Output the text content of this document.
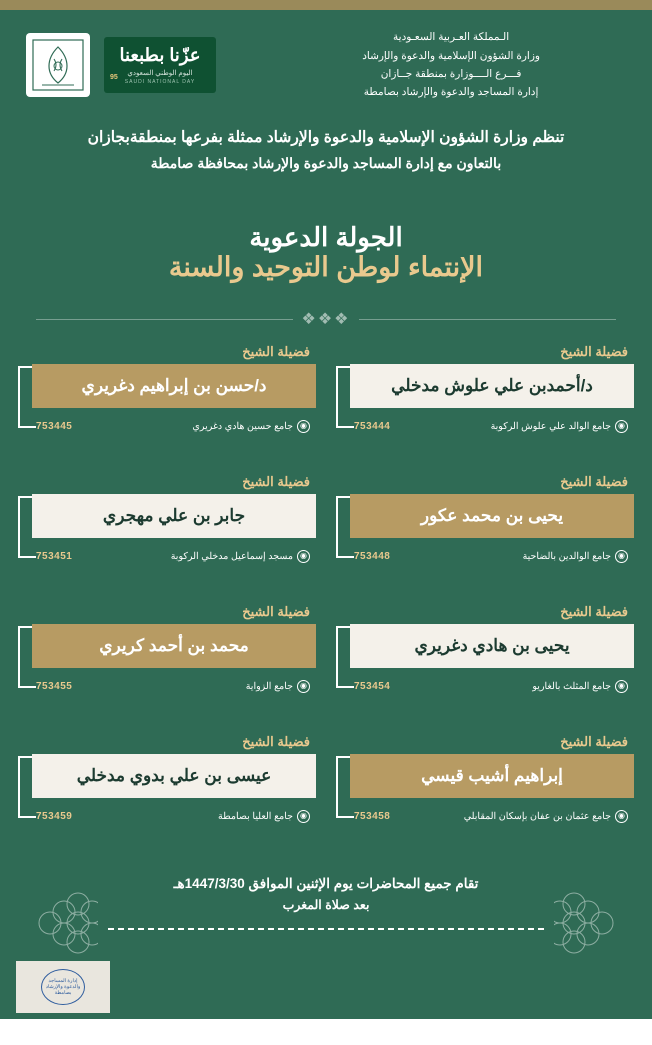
الـمملكة العـربية السعـودية
وزارة الشؤون الإسلامية والدعوة والإرشاد
فـــرع الــــوزارة بمنطقة جــازان
إدارة المساجد والدعوة والإرشاد بصامطة
عزّنا بطبعنا
اليوم الوطني السعودي
SAUDI NATIONAL DAY
95
تنظم وزارة الشؤون الإسلامية والدعوة والإرشاد ممثلة بفرعها بمنطقةبجازان
بالتعاون مع إدارة المساجد والدعوة والإرشاد بمحافظة صامطة
الجولة الدعوية
الإنتماء لوطن التوحيد والسنة
❖❖❖
فضيلة الشيخ
د/أحمدبن علي علوش مدخلي
◉
جامع الوالد علي علوش الركوبة
753444
فضيلة الشيخ
د/حسن بن إبراهيم دغريري
◉
جامع حسين هادي دغريري
753445
فضيلة الشيخ
يحيى بن محمد عكور
◉
جامع الوالدين بالضاحية
753448
فضيلة الشيخ
جابر بن علي مهجري
◉
مسجد إسماعيل مدخلي الركوبة
753451
فضيلة الشيخ
يحيى بن هادي دغريري
◉
جامع المثلث بالغاريو
753454
فضيلة الشيخ
محمد بن أحمد كريري
◉
جامع الزواية
753455
فضيلة الشيخ
إبراهيم أشيب قيسي
◉
جامع عثمان بن عفان بإسكان المقابلي
753458
فضيلة الشيخ
عيسى بن علي بدوي مدخلي
◉
جامع العليا بصامطة
753459
تقام جميع المحاضرات يوم الإثنين الموافق 1447/3/30هـ
بعد صلاة المغرب
إدارة المساجد والدعوة والإرشاد بصامطة
